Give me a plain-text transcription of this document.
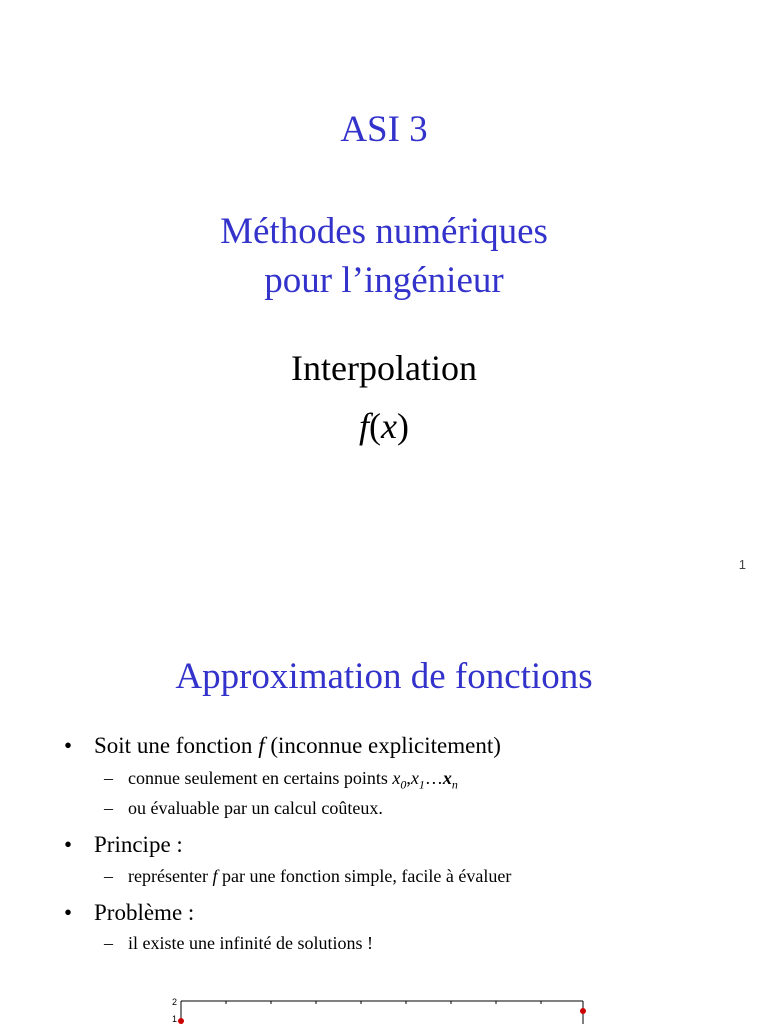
ASI 3
Méthodes numériques
pour l’ingénieur
Interpolation
f(x)
1
Approximation de fonctions
• Soit une fonction f (inconnue explicitement)
– connue seulement en certains points $x_0,x_1\dots x_n$
– ou évaluable par un calcul coûteux.
• Principe :
– représenter f par une fonction simple, facile à évaluer
• Problème :
– il existe une infinité de solutions !
2
1
